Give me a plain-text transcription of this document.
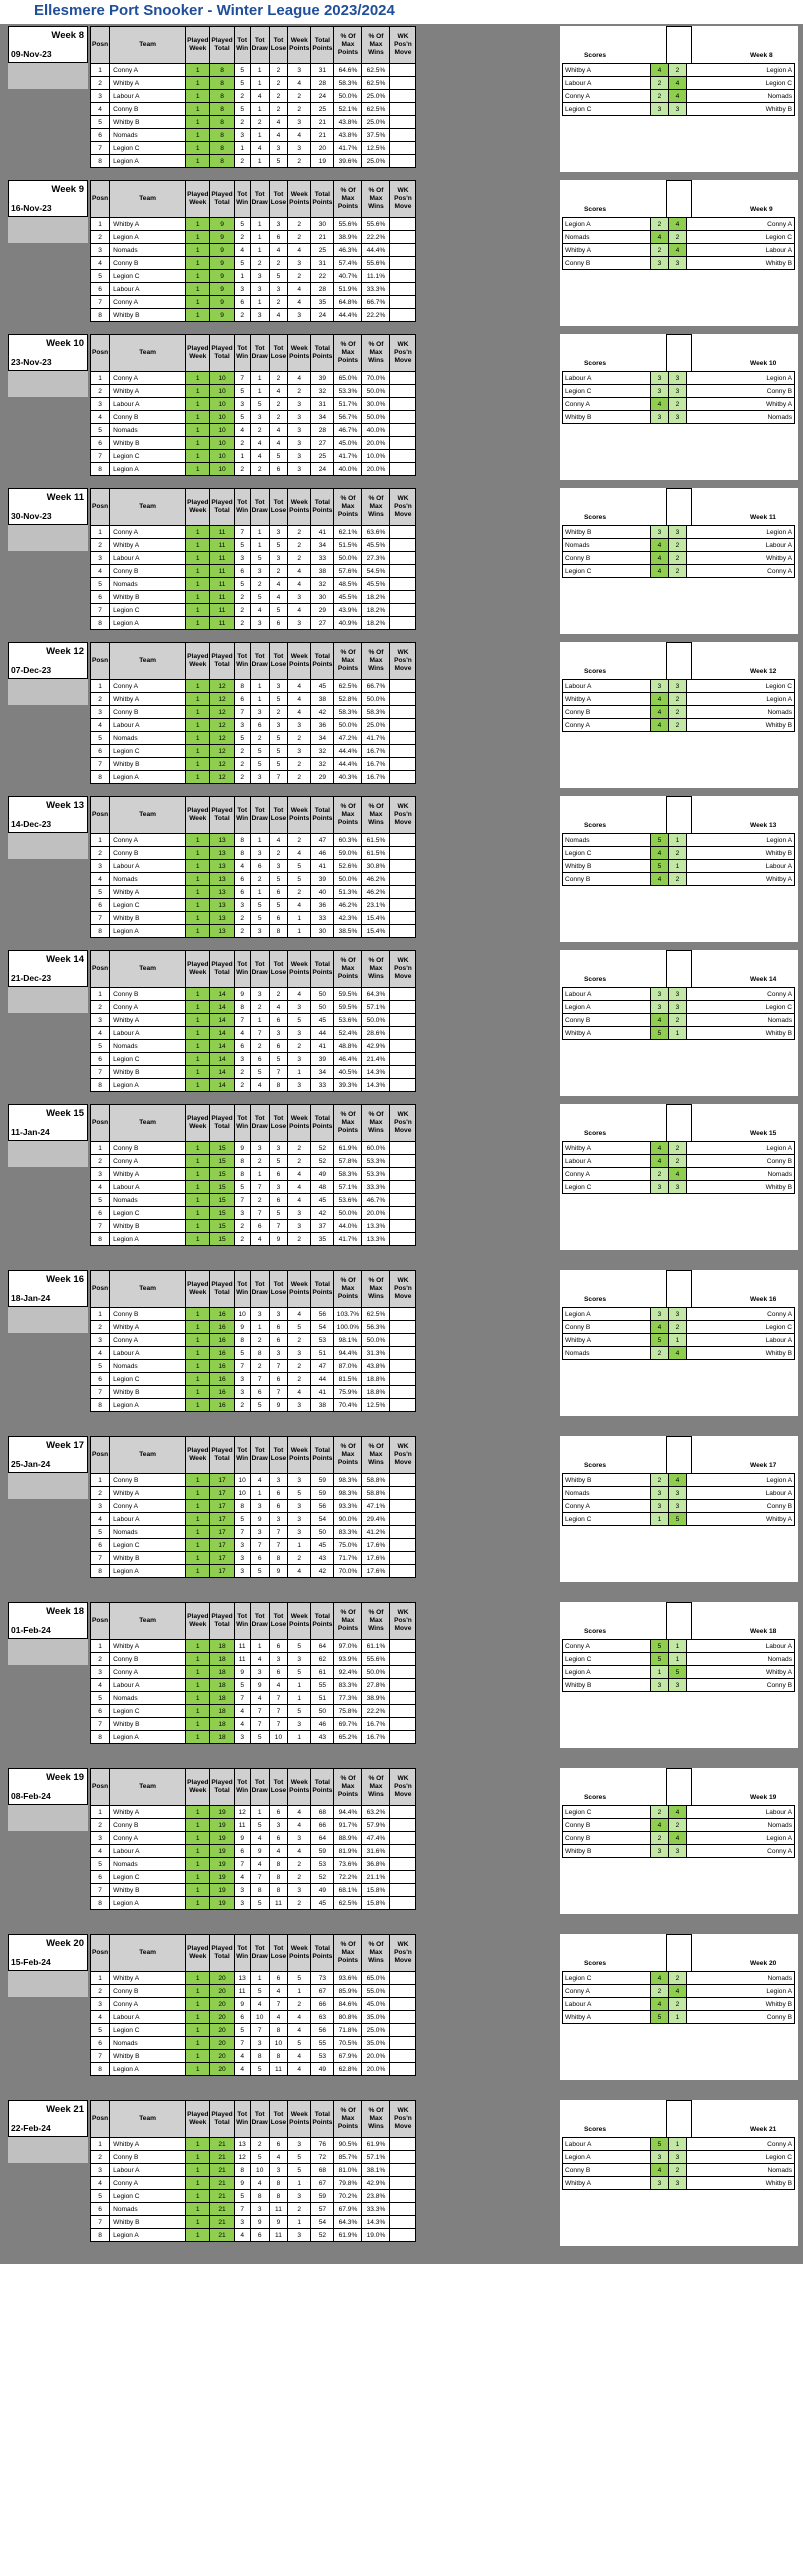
Ellesmere Port Snooker - Winter League 2023/2024
Week 8
09-Nov-23
Posn	Team	Played Week	Played Total	Tot Win	Tot Draw	Tot Lose	Week Points	Total Points	% Of Max Points	% Of Max Wins	WK Pos'n Move
1	Conny A	1	8	5	1	2	3	31	64.6%	62.5%	
2	Whitby A	1	8	5	1	2	4	28	58.3%	62.5%	
3	Labour A	1	8	2	4	2	2	24	50.0%	25.0%	
4	Conny B	1	8	5	1	2	2	25	52.1%	62.5%	
5	Whitby B	1	8	2	2	4	3	21	43.8%	25.0%	
6	Nomads	1	8	3	1	4	4	21	43.8%	37.5%	
7	Legion C	1	8	1	4	3	3	20	41.7%	12.5%	
8	Legion A	1	8	2	1	5	2	19	39.6%	25.0%	
Scores	Week 8
Whitby A	4	2	Legion A
Labour A	2	4	Legion C
Conny A	2	4	Nomads
Legion C	3	3	Whitby B
Week 9
16-Nov-23
Posn	Team	Played Week	Played Total	Tot Win	Tot Draw	Tot Lose	Week Points	Total Points	% Of Max Points	% Of Max Wins	WK Pos'n Move
1	Whitby A	1	9	5	1	3	2	30	55.6%	55.6%	
2	Legion A	1	9	2	1	6	2	21	38.9%	22.2%	
3	Nomads	1	9	4	1	4	4	25	46.3%	44.4%	
4	Conny B	1	9	5	2	2	3	31	57.4%	55.6%	
5	Legion C	1	9	1	3	5	2	22	40.7%	11.1%	
6	Labour A	1	9	3	3	3	4	28	51.9%	33.3%	
7	Conny A	1	9	6	1	2	4	35	64.8%	66.7%	
8	Whitby B	1	9	2	3	4	3	24	44.4%	22.2%	
Scores	Week 9
Legion A	2	4	Conny A
Nomads	4	2	Legion C
Whitby A	2	4	Labour A
Conny B	3	3	Whitby B
Week 10
23-Nov-23
Posn	Team	Played Week	Played Total	Tot Win	Tot Draw	Tot Lose	Week Points	Total Points	% Of Max Points	% Of Max Wins	WK Pos'n Move
1	Conny A	1	10	7	1	2	4	39	65.0%	70.0%	
2	Whitby A	1	10	5	1	4	2	32	53.3%	50.0%	
3	Labour A	1	10	3	5	2	3	31	51.7%	30.0%	
4	Conny B	1	10	5	3	2	3	34	56.7%	50.0%	
5	Nomads	1	10	4	2	4	3	28	46.7%	40.0%	
6	Whitby B	1	10	2	4	4	3	27	45.0%	20.0%	
7	Legion C	1	10	1	4	5	3	25	41.7%	10.0%	
8	Legion A	1	10	2	2	6	3	24	40.0%	20.0%	
Scores	Week 10
Labour A	3	3	Legion A
Legion C	3	3	Conny B
Conny A	4	2	Whitby A
Whitby B	3	3	Nomads
Week 11
30-Nov-23
Posn	Team	Played Week	Played Total	Tot Win	Tot Draw	Tot Lose	Week Points	Total Points	% Of Max Points	% Of Max Wins	WK Pos'n Move
1	Conny A	1	11	7	1	3	2	41	62.1%	63.6%	
2	Whitby A	1	11	5	1	5	2	34	51.5%	45.5%	
3	Labour A	1	11	3	5	3	2	33	50.0%	27.3%	
4	Conny B	1	11	6	3	2	4	38	57.6%	54.5%	
5	Nomads	1	11	5	2	4	4	32	48.5%	45.5%	
6	Whitby B	1	11	2	5	4	3	30	45.5%	18.2%	
7	Legion C	1	11	2	4	5	4	29	43.9%	18.2%	
8	Legion A	1	11	2	3	6	3	27	40.9%	18.2%	
Scores	Week 11
Whitby B	3	3	Legion A
Nomads	4	2	Labour A
Conny B	4	2	Whitby A
Legion C	4	2	Conny A
Week 12
07-Dec-23
Posn	Team	Played Week	Played Total	Tot Win	Tot Draw	Tot Lose	Week Points	Total Points	% Of Max Points	% Of Max Wins	WK Pos'n Move
1	Conny A	1	12	8	1	3	4	45	62.5%	66.7%	
2	Whitby A	1	12	6	1	5	4	38	52.8%	50.0%	
3	Conny B	1	12	7	3	2	4	42	58.3%	58.3%	
4	Labour A	1	12	3	6	3	3	36	50.0%	25.0%	
5	Nomads	1	12	5	2	5	2	34	47.2%	41.7%	
6	Legion C	1	12	2	5	5	3	32	44.4%	16.7%	
7	Whitby B	1	12	2	5	5	2	32	44.4%	16.7%	
8	Legion A	1	12	2	3	7	2	29	40.3%	16.7%	
Scores	Week 12
Labour A	3	3	Legion C
Whitby A	4	2	Legion A
Conny B	4	2	Nomads
Conny A	4	2	Whitby B
Week 13
14-Dec-23
Posn	Team	Played Week	Played Total	Tot Win	Tot Draw	Tot Lose	Week Points	Total Points	% Of Max Points	% Of Max Wins	WK Pos'n Move
1	Conny A	1	13	8	1	4	2	47	60.3%	61.5%	
2	Conny B	1	13	8	3	2	4	46	59.0%	61.5%	
3	Labour A	1	13	4	6	3	5	41	52.6%	30.8%	
4	Nomads	1	13	6	2	5	5	39	50.0%	46.2%	
5	Whitby A	1	13	6	1	6	2	40	51.3%	46.2%	
6	Legion C	1	13	3	5	5	4	36	46.2%	23.1%	
7	Whitby B	1	13	2	5	6	1	33	42.3%	15.4%	
8	Legion A	1	13	2	3	8	1	30	38.5%	15.4%	
Scores	Week 13
Nomads	5	1	Legion A
Legion C	4	2	Whitby B
Whitby B	5	1	Labour A
Conny B	4	2	Whitby A
Week 14
21-Dec-23
Posn	Team	Played Week	Played Total	Tot Win	Tot Draw	Tot Lose	Week Points	Total Points	% Of Max Points	% Of Max Wins	WK Pos'n Move
1	Conny B	1	14	9	3	2	4	50	59.5%	64.3%	
2	Conny A	1	14	8	2	4	3	50	59.5%	57.1%	
3	Whitby A	1	14	7	1	6	5	45	53.6%	50.0%	
4	Labour A	1	14	4	7	3	3	44	52.4%	28.6%	
5	Nomads	1	14	6	2	6	2	41	48.8%	42.9%	
6	Legion C	1	14	3	6	5	3	39	46.4%	21.4%	
7	Whitby B	1	14	2	5	7	1	34	40.5%	14.3%	
8	Legion A	1	14	2	4	8	3	33	39.3%	14.3%	
Scores	Week 14
Labour A	3	3	Conny A
Legion A	3	3	Legion C
Conny B	4	2	Nomads
Whitby A	5	1	Whitby B
Week 15
11-Jan-24
Posn	Team	Played Week	Played Total	Tot Win	Tot Draw	Tot Lose	Week Points	Total Points	% Of Max Points	% Of Max Wins	WK Pos'n Move
1	Conny B	1	15	9	3	3	2	52	61.9%	60.0%	
2	Conny A	1	15	8	2	5	2	52	57.8%	53.3%	
3	Whitby A	1	15	8	1	6	4	49	58.3%	53.3%	
4	Labour A	1	15	5	7	3	4	48	57.1%	33.3%	
5	Nomads	1	15	7	2	6	4	45	53.6%	46.7%	
6	Legion C	1	15	3	7	5	3	42	50.0%	20.0%	
7	Whitby B	1	15	2	6	7	3	37	44.0%	13.3%	
8	Legion A	1	15	2	4	9	2	35	41.7%	13.3%	
Scores	Week 15
Whitby A	4	2	Legion A
Labour A	4	2	Conny B
Conny A	2	4	Nomads
Legion C	3	3	Whitby B
Week 16
18-Jan-24
Posn	Team	Played Week	Played Total	Tot Win	Tot Draw	Tot Lose	Week Points	Total Points	% Of Max Points	% Of Max Wins	WK Pos'n Move
1	Conny B	1	16	10	3	3	4	56	103.7%	62.5%	
2	Whitby A	1	16	9	1	6	5	54	100.0%	56.3%	
3	Conny A	1	16	8	2	6	2	53	98.1%	50.0%	
4	Labour A	1	16	5	8	3	3	51	94.4%	31.3%	
5	Nomads	1	16	7	2	7	2	47	87.0%	43.8%	
6	Legion C	1	16	3	7	6	2	44	81.5%	18.8%	
7	Whitby B	1	16	3	6	7	4	41	75.9%	18.8%	
8	Legion A	1	16	2	5	9	3	38	70.4%	12.5%	
Scores	Week 16
Legion A	3	3	Conny A
Conny B	4	2	Legion C
Whitby A	5	1	Labour A
Nomads	2	4	Whitby B
Week 17
25-Jan-24
Posn	Team	Played Week	Played Total	Tot Win	Tot Draw	Tot Lose	Week Points	Total Points	% Of Max Points	% Of Max Wins	WK Pos'n Move
1	Conny B	1	17	10	4	3	3	59	98.3%	58.8%	
2	Whitby A	1	17	10	1	6	5	59	98.3%	58.8%	
3	Conny A	1	17	8	3	6	3	56	93.3%	47.1%	
4	Labour A	1	17	5	9	3	3	54	90.0%	29.4%	
5	Nomads	1	17	7	3	7	3	50	83.3%	41.2%	
6	Legion C	1	17	3	7	7	1	45	75.0%	17.6%	
7	Whitby B	1	17	3	6	8	2	43	71.7%	17.6%	
8	Legion A	1	17	3	5	9	4	42	70.0%	17.6%	
Scores	Week 17
Whitby B	2	4	Legion A
Nomads	3	3	Labour A
Conny A	3	3	Conny B
Legion C	1	5	Whitby A
Week 18
01-Feb-24
Posn	Team	Played Week	Played Total	Tot Win	Tot Draw	Tot Lose	Week Points	Total Points	% Of Max Points	% Of Max Wins	WK Pos'n Move
1	Whitby A	1	18	11	1	6	5	64	97.0%	61.1%	
2	Conny B	1	18	11	4	3	3	62	93.9%	55.6%	
3	Conny A	1	18	9	3	6	5	61	92.4%	50.0%	
4	Labour A	1	18	5	9	4	1	55	83.3%	27.8%	
5	Nomads	1	18	7	4	7	1	51	77.3%	38.9%	
6	Legion C	1	18	4	7	7	5	50	75.8%	22.2%	
7	Whitby B	1	18	4	7	7	3	46	69.7%	16.7%	
8	Legion A	1	18	3	5	10	1	43	65.2%	16.7%	
Scores	Week 18
Conny A	5	1	Labour A
Legion C	5	1	Nomads
Legion A	1	5	Whitby A
Whitby B	3	3	Conny B
Week 19
08-Feb-24
Posn	Team	Played Week	Played Total	Tot Win	Tot Draw	Tot Lose	Week Points	Total Points	% Of Max Points	% Of Max Wins	WK Pos'n Move
1	Whitby A	1	19	12	1	6	4	68	94.4%	63.2%	
2	Conny B	1	19	11	5	3	4	66	91.7%	57.9%	
3	Conny A	1	19	9	4	6	3	64	88.9%	47.4%	
4	Labour A	1	19	6	9	4	4	59	81.9%	31.6%	
5	Nomads	1	19	7	4	8	2	53	73.6%	36.8%	
6	Legion C	1	19	4	7	8	2	52	72.2%	21.1%	
7	Whitby B	1	19	3	8	8	3	49	68.1%	15.8%	
8	Legion A	1	19	3	5	11	2	45	62.5%	15.8%	
Scores	Week 19
Legion C	2	4	Labour A
Conny B	4	2	Nomads
Conny B	2	4	Legion A
Whitby B	3	3	Conny A
Week 20
15-Feb-24
Posn	Team	Played Week	Played Total	Tot Win	Tot Draw	Tot Lose	Week Points	Total Points	% Of Max Points	% Of Max Wins	WK Pos'n Move
1	Whitby A	1	20	13	1	6	5	73	93.6%	65.0%	
2	Conny B	1	20	11	5	4	1	67	85.9%	55.0%	
3	Conny A	1	20	9	4	7	2	66	84.6%	45.0%	
4	Labour A	1	20	6	10	4	4	63	80.8%	35.0%	
5	Legion C	1	20	5	7	8	4	56	71.8%	25.0%	
6	Nomads	1	20	7	3	10	5	55	70.5%	35.0%	
7	Whitby B	1	20	4	8	8	4	53	67.9%	20.0%	
8	Legion A	1	20	4	5	11	4	49	62.8%	20.0%	
Scores	Week 20
Legion C	4	2	Nomads
Conny A	2	4	Legion A
Labour A	4	2	Whitby B
Whitby A	5	1	Conny B
Week 21
22-Feb-24
Posn	Team	Played Week	Played Total	Tot Win	Tot Draw	Tot Lose	Week Points	Total Points	% Of Max Points	% Of Max Wins	WK Pos'n Move
1	Whitby A	1	21	13	2	6	3	76	90.5%	61.9%	
2	Conny B	1	21	12	5	4	5	72	85.7%	57.1%	
3	Labour A	1	21	8	10	3	5	68	81.0%	38.1%	
4	Conny A	1	21	9	4	8	1	67	79.8%	42.9%	
5	Legion C	1	21	5	8	8	3	59	70.2%	23.8%	
6	Nomads	1	21	7	3	11	2	57	67.9%	33.3%	
7	Whitby B	1	21	3	9	9	1	54	64.3%	14.3%	
8	Legion A	1	21	4	6	11	3	52	61.9%	19.0%	
Scores	Week 21
Labour A	5	1	Conny A
Legion A	3	3	Legion C
Conny B	4	2	Nomads
Whitby A	3	3	Whitby B
